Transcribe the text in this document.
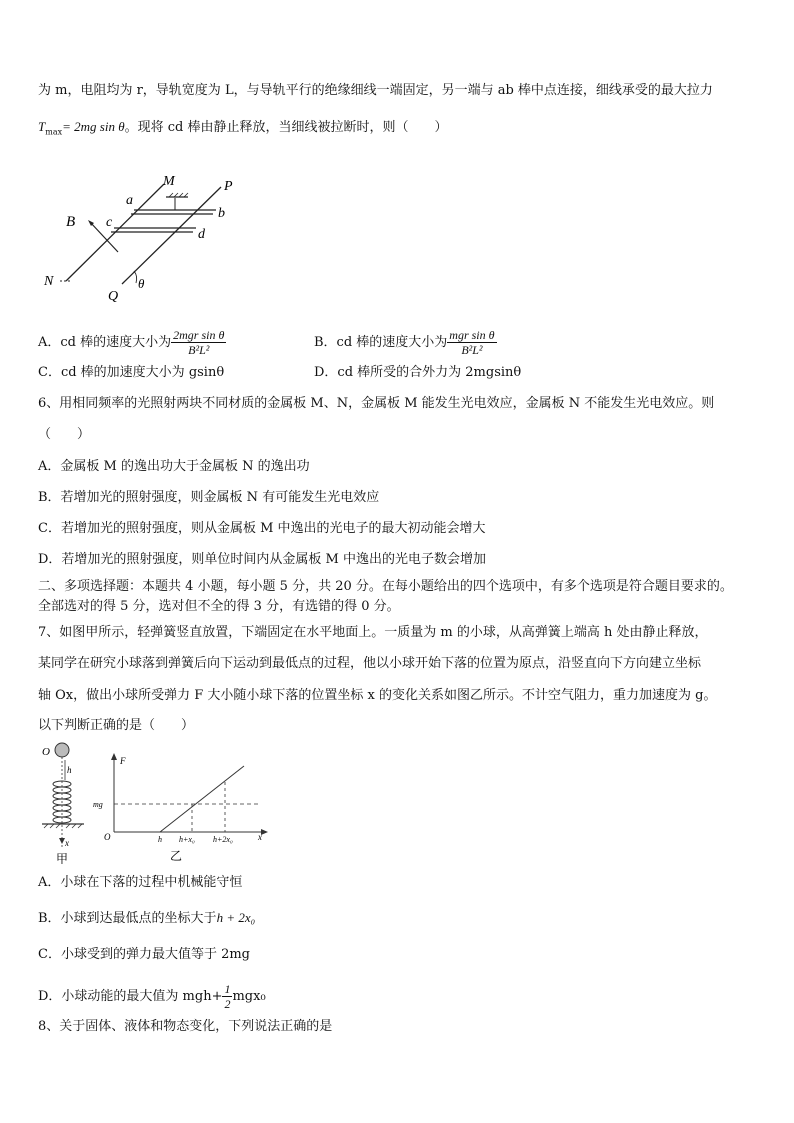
为 m，电阻均为 r，导轨宽度为 L，与导轨平行的绝缘细线一端固定，另一端与 ab 棒中点连接，细线承受的最大拉力
$T_{max}= 2mg$ sin θ。现将 cd 棒由静止释放，当细线被拉断时，则（　　）
M	P
a
b
c
d
B
N
Q
θ
A．cd 棒的速度大小为 $\frac{\text{2mgr sin θ}}{\text{B²L²}}$	B．cd 棒的速度大小为 $\frac{\text{mgr sin θ}}{\text{B²L²}}$
C．cd 棒的加速度大小为 gsinθ	D．cd 棒所受的合外力为 2mgsinθ
6、用相同频率的光照射两块不同材质的金属板 M、N，金属板 M 能发生光电效应，金属板 N 不能发生光电效应。则
（　　）
A．金属板 M 的逸出功大于金属板 N 的逸出功
B．若增加光的照射强度，则金属板 N 有可能发生光电效应
C．若增加光的照射强度，则从金属板 M 中逸出的光电子的最大初动能会增大
D．若增加光的照射强度，则单位时间内从金属板 M 中逸出的光电子数会增加
二、多项选择题：本题共 4 小题，每小题 5 分，共 20 分。在每小题给出的四个选项中，有多个选项是符合题目要求的。
全部选对的得 5 分，选对但不全的得 3 分，有选错的得 0 分。
7、如图甲所示，轻弹簧竖直放置，下端固定在水平地面上。一质量为 m 的小球，从高弹簧上端高 h 处由静止释放，
某同学在研究小球落到弹簧后向下运动到最低点的过程，他以小球开始下落的位置为原点，沿竖直向下方向建立坐标
轴 Ox，做出小球所受弹力 F 大小随小球下落的位置坐标 x 的变化关系如图乙所示。不计空气阻力，重力加速度为 g。
以下判断正确的是（　　）
O
h
x
甲
F
mg
O	h h+x₀ h+2x₀	x
乙
A．小球在下落的过程中机械能守恒
B．小球到达最低点的坐标大于h + 2x₀
C．小球受到的弹力最大值等于 2mg
D．小球动能的最大值为 $mgh+ \frac{1}{2} mgx_0$
8、关于固体、液体和物态变化，下列说法正确的是
